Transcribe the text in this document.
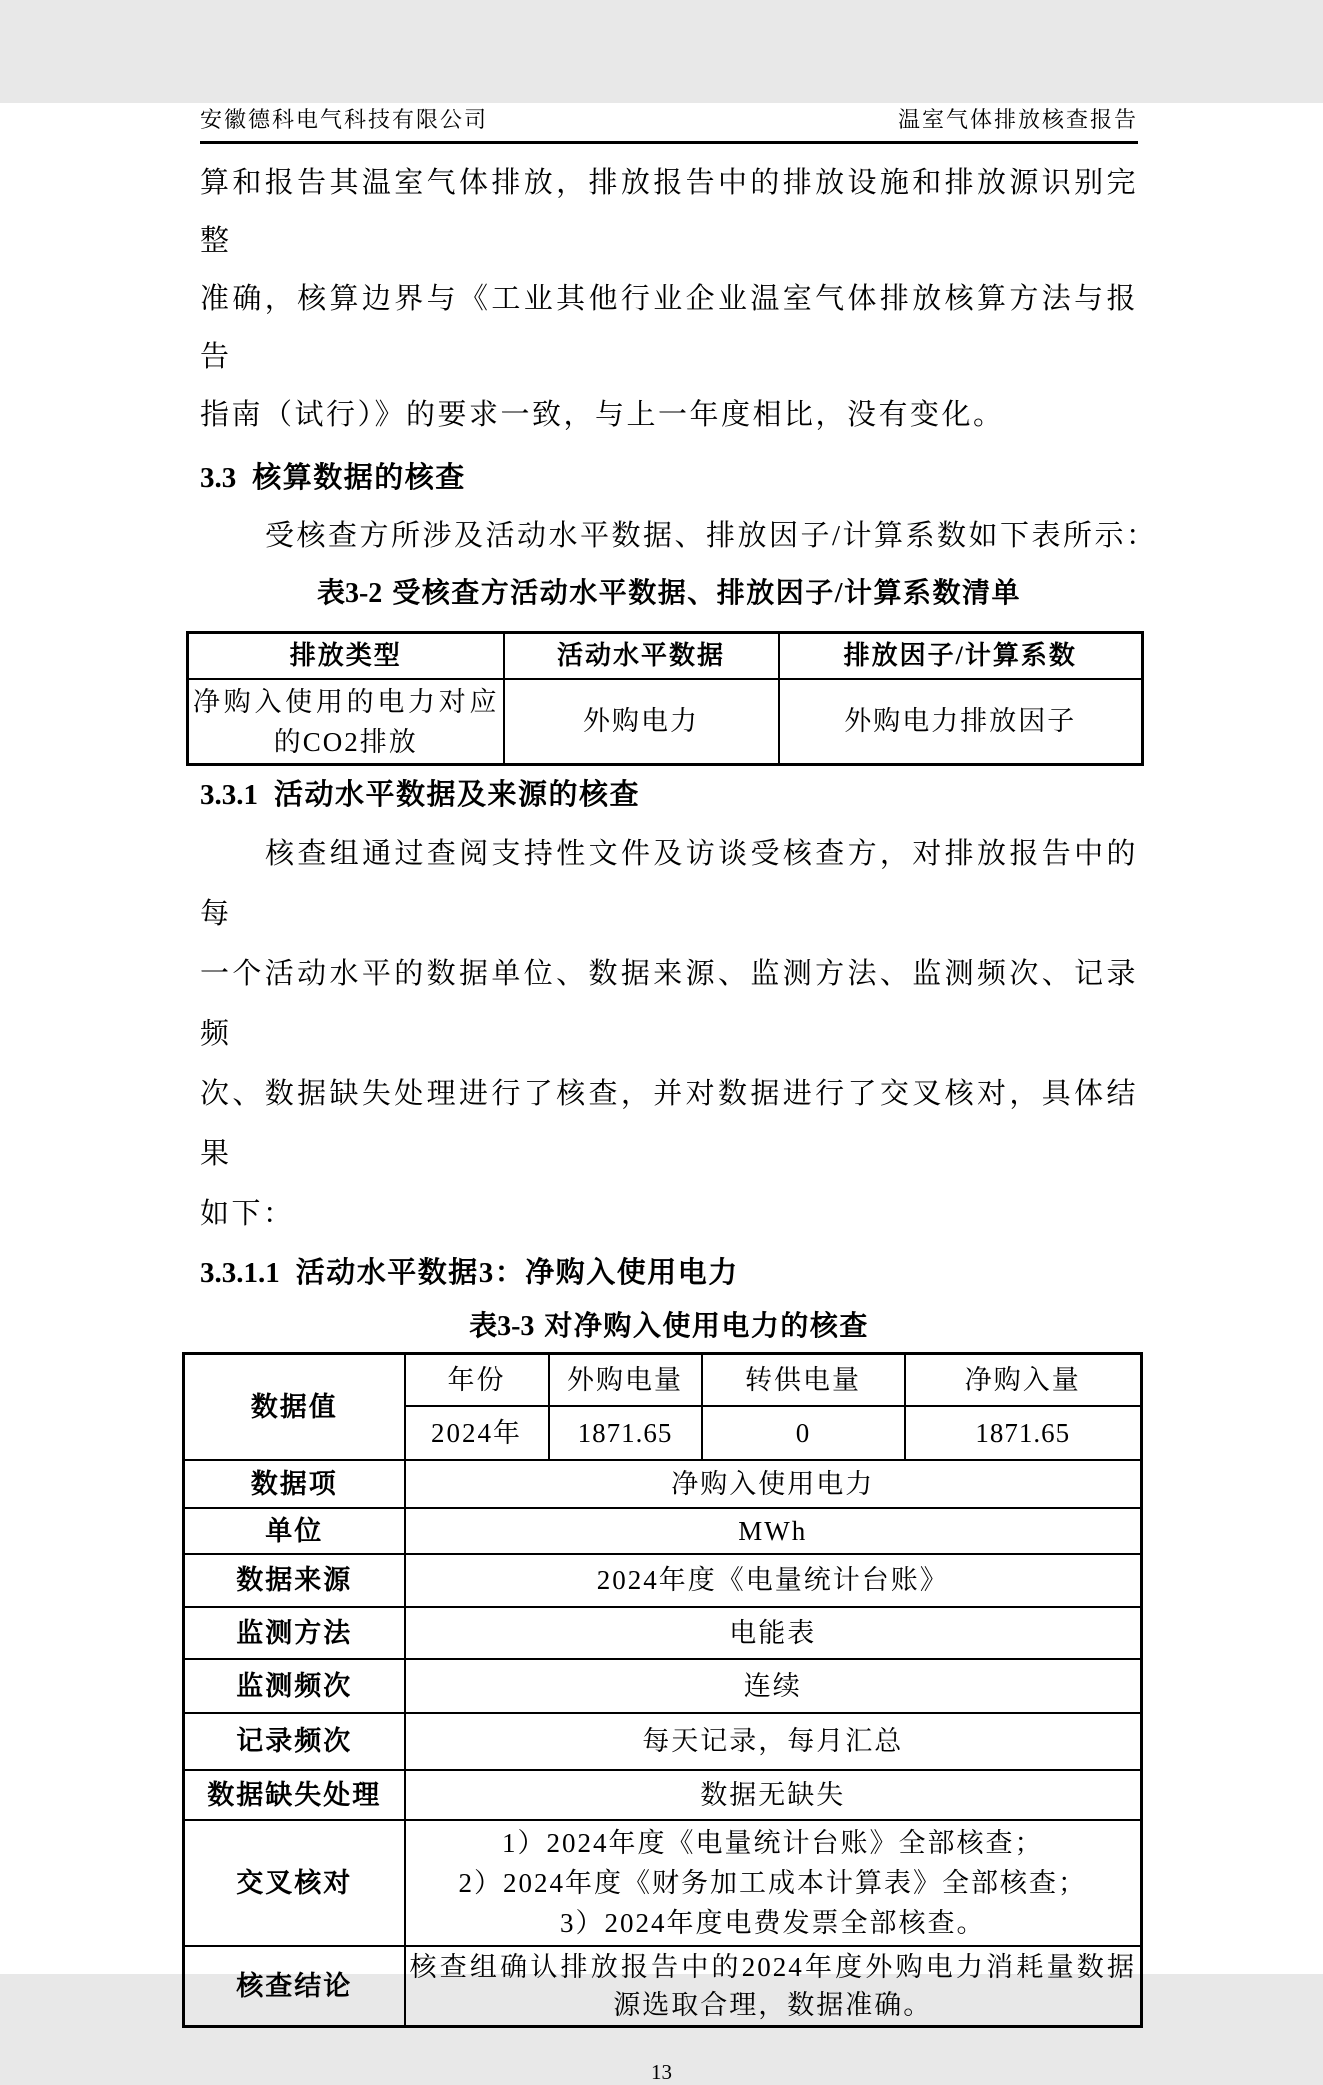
安徽德科电气科技有限公司	温室气体排放核查报告
算和报告其温室气体排放，排放报告中的排放设施和排放源识别完整
准确，核算边界与《工业其他行业企业温室气体排放核算方法与报告
指南（试行）》的要求一致，与上一年度相比，没有变化。
3.3 核算数据的核查
受核查方所涉及活动水平数据、排放因子/计算系数如下表所示：
表3-2 受核查方活动水平数据、排放因子/计算系数清单
排放类型	活动水平数据	排放因子/计算系数

净购入使用的电力对应
的CO2排放	外购电力	外购电力排放因子
3.3.1 活动水平数据及来源的核查
核查组通过查阅支持性文件及访谈受核查方，对排放报告中的每
一个活动水平的数据单位、数据来源、监测方法、监测频次、记录频
次、数据缺失处理进行了核查，并对数据进行了交叉核对，具体结果
如下：
3.3.1.1 活动水平数据3：净购入使用电力
表3-3 对净购入使用电力的核查
数据值	年份	外购电量	转供电量	净购入量
	2024年	1871.65	0	1871.65
数据项	净购入使用电力			
单位	MWh			
数据来源	2024年度《电量统计台账》			
监测方法	电能表			
监测频次	连续			
记录频次	每天记录，每月汇总			
数据缺失处理	数据无缺失			
交叉核对	1）2024年度《电量统计台账》全部核查；
2）2024年度《财务加工成本计算表》全部核查；
3）2024年度电费发票全部核查。			

核查结论	核查组确认排放报告中的2024年度外购电力消耗量数据
源选取合理，数据准确。			
13
